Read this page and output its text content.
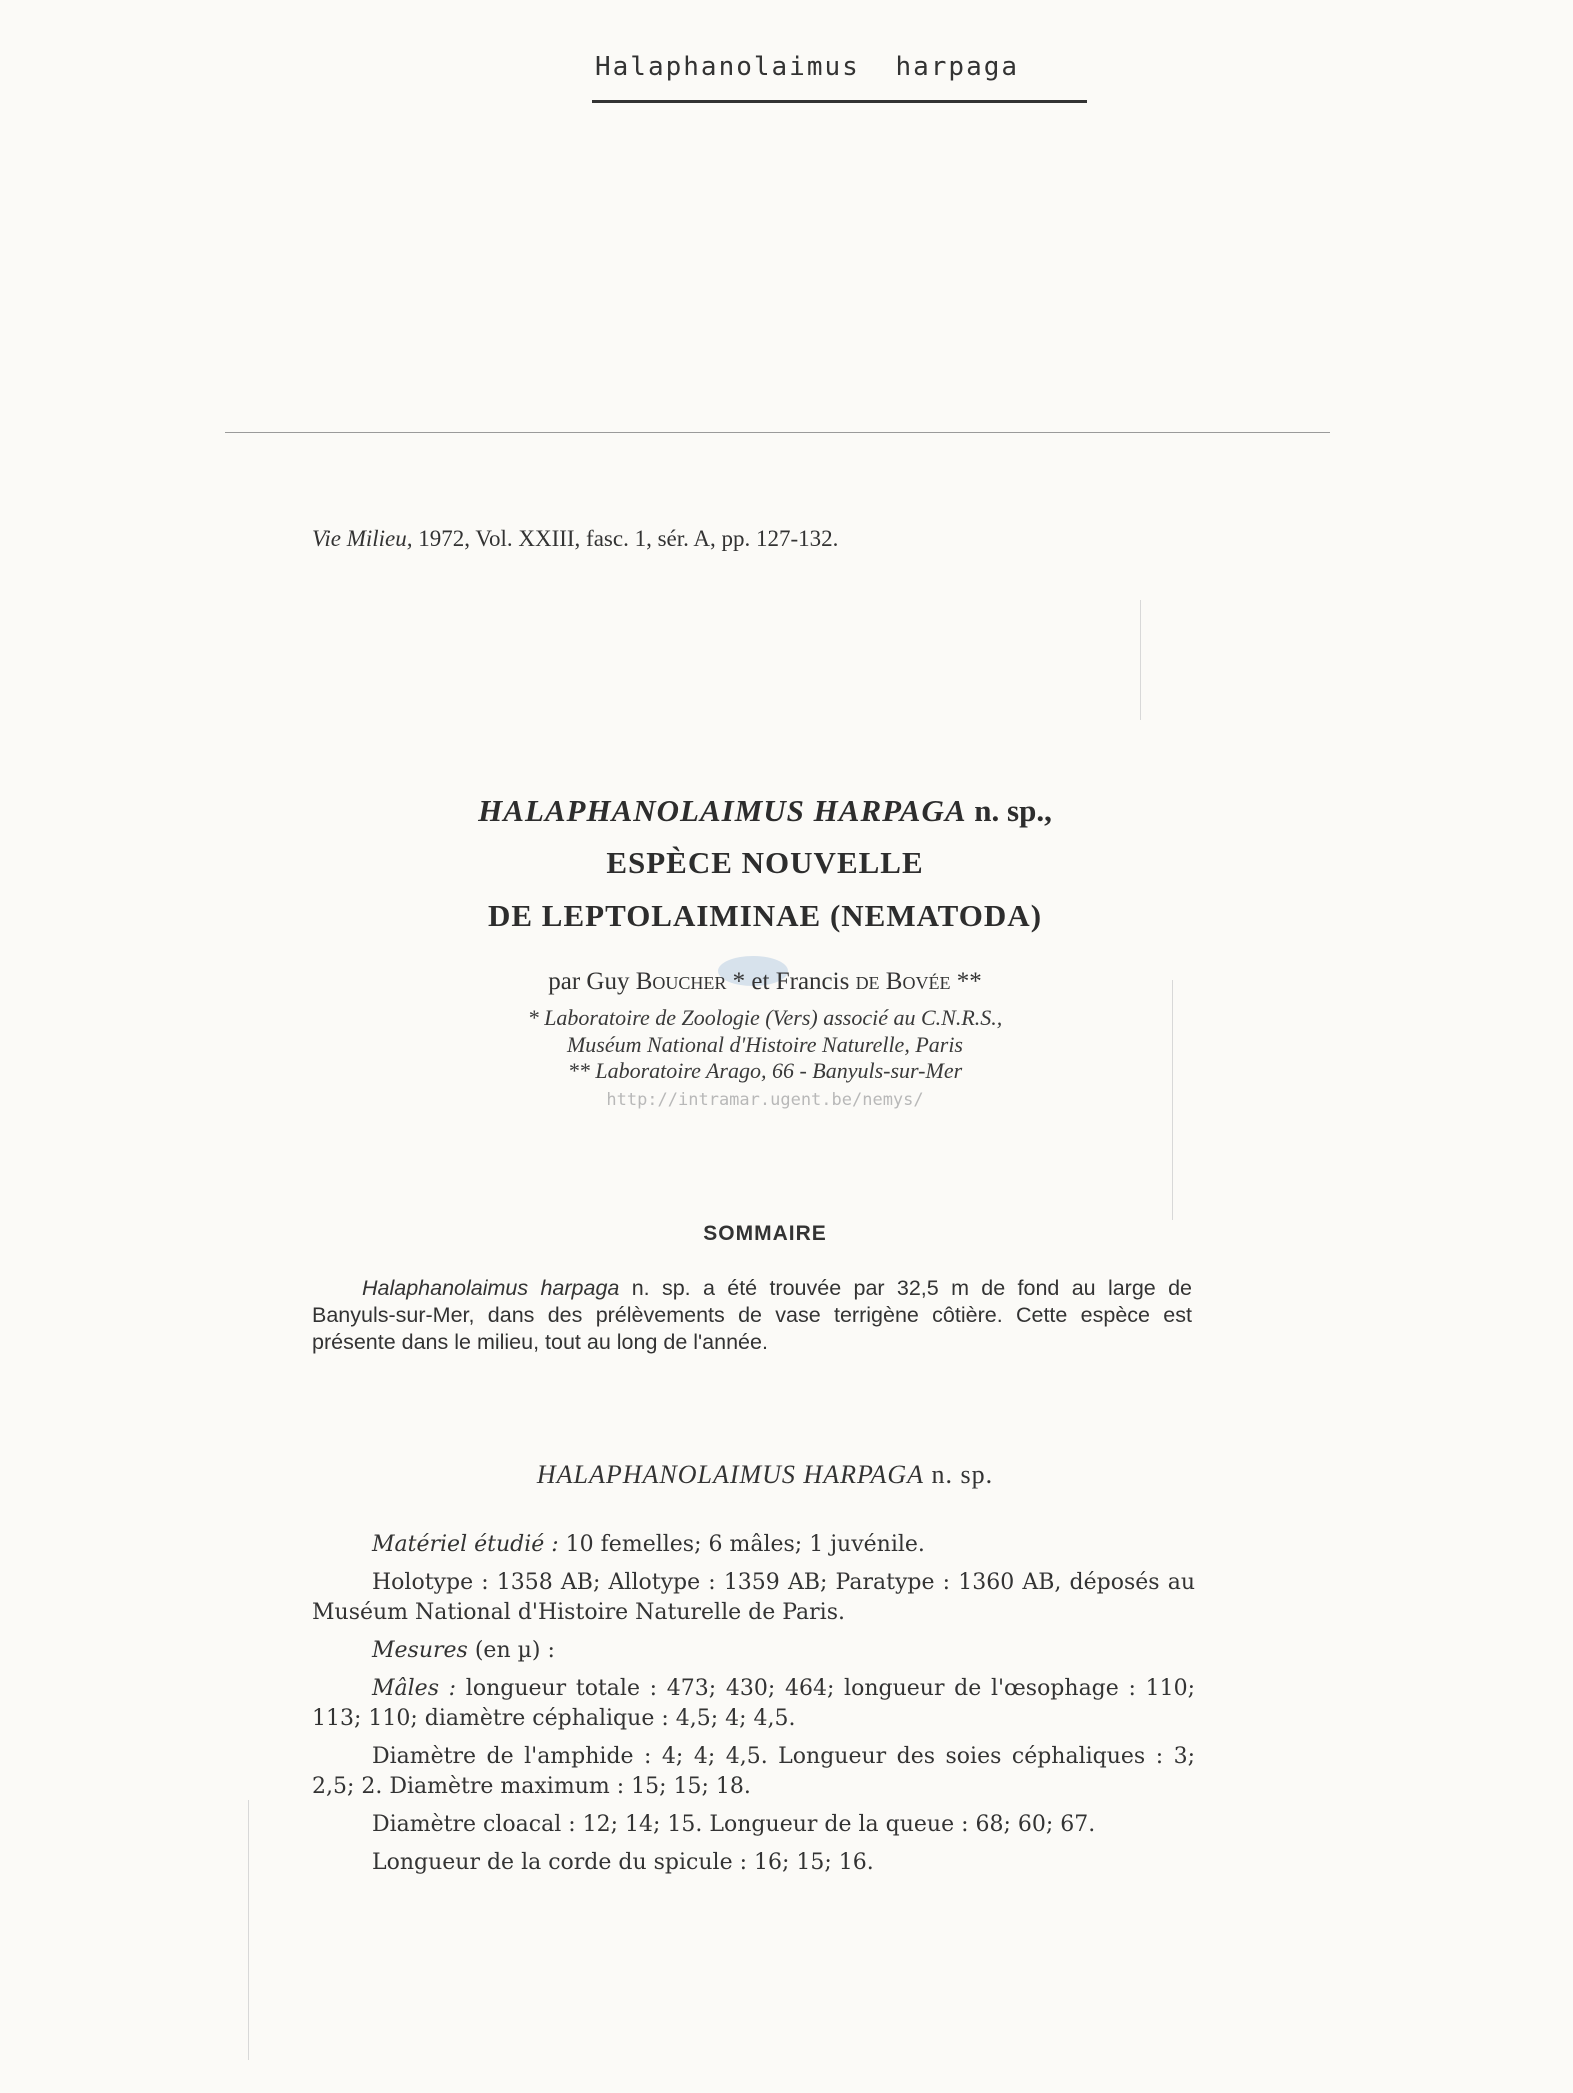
Halaphanolaimus harpaga
Vie Milieu, 1972, Vol. XXIII, fasc. 1, sér. A, pp. 127-132.
HALAPHANOLAIMUS HARPAGA n. sp.,
ESPÈCE NOUVELLE
DE LEPTOLAIMINAE (NEMATODA)
par Guy Boucher * et Francis de Bovée **
* Laboratoire de Zoologie (Vers) associé au C.N.R.S.,
Muséum National d'Histoire Naturelle, Paris
** Laboratoire Arago, 66 - Banyuls-sur-Mer
http://intramar.ugent.be/nemys/
SOMMAIRE
Halaphanolaimus harpaga n. sp. a été trouvée par 32,5 m de fond au large de Banyuls-sur-Mer, dans des prélèvements de vase terrigène côtière. Cette espèce est présente dans le milieu, tout au long de l'année.
HALAPHANOLAIMUS HARPAGA n. sp.

Matériel étudié : 10 femelles; 6 mâles; 1 juvénile.

Holotype : 1358 AB; Allotype : 1359 AB; Paratype : 1360 AB, déposés au Muséum National d'Histoire Naturelle de Paris.

Mesures (en µ) :

Mâles : longueur totale : 473; 430; 464; longueur de l'œsophage : 110; 113; 110; diamètre céphalique : 4,5; 4; 4,5.

Diamètre de l'amphide : 4; 4; 4,5. Longueur des soies céphaliques : 3; 2,5; 2. Diamètre maximum : 15; 15; 18.

Diamètre cloacal : 12; 14; 15. Longueur de la queue : 68; 60; 67.

Longueur de la corde du spicule : 16; 15; 16.
